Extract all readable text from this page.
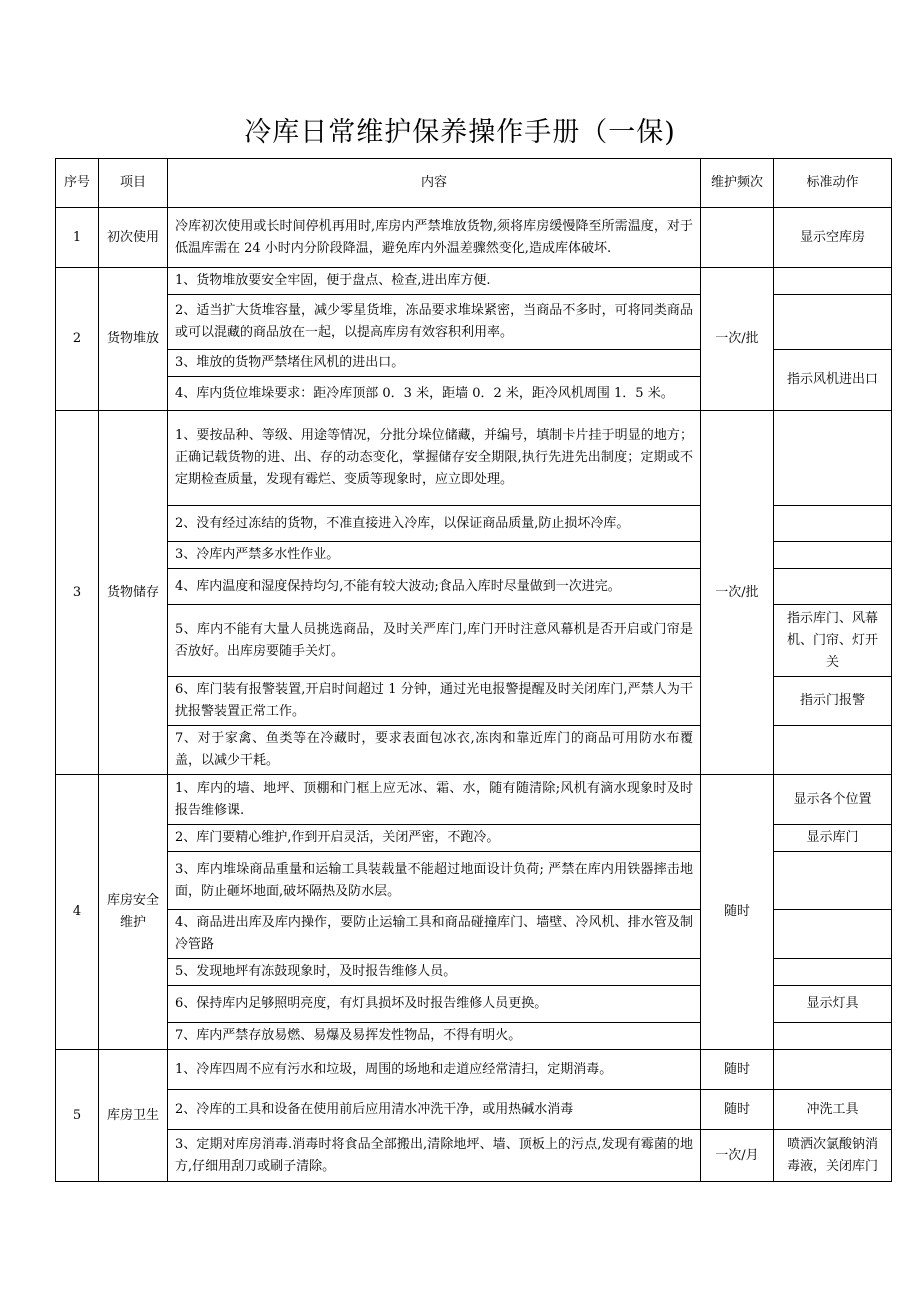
冷库日常维护保养操作手册（一保)
序号	项目	内容	维护频次	标准动作
1	初次使用	冷库初次使用或长时间停机再用时,库房内严禁堆放货物,须将库房缓慢降至所需温度，对于低温库需在 24 小时内分阶段降温，避免库内外温差骤然变化,造成库体破坏.		显示空库房
2	货物堆放	1、货物堆放要安全牢固，便于盘点、检查,进出库方便.	一次/批	
		2、适当扩大货堆容量，减少零星货堆，冻品要求堆垛紧密，当商品不多时，可将同类商品或可以混藏的商品放在一起，以提高库房有效容积利用率。		
		3、堆放的货物严禁堵住风机的进出口。		指示风机进出口
		4、库内货位堆垛要求：距冷库顶部 0．3 米，距墙 0．2 米，距冷风机周围 1．5 米。		
3	货物储存	1、要按品种、等级、用途等情况，分批分垛位储藏，并编号，填制卡片挂于明显的地方；正确记载货物的进、出、存的动态变化，掌握储存安全期限,执行先进先出制度；定期或不定期检查质量，发现有霉烂、变质等现象时，应立即处理。	一次/批	
		2、没有经过冻结的货物，不准直接进入冷库，以保证商品质量,防止损坏冷库。		
		3、冷库内严禁多水性作业。		
		4、库内温度和湿度保持均匀,不能有较大波动;食品入库时尽量做到一次进完。		
		5、库内不能有大量人员挑选商品，及时关严库门,库门开时注意风幕机是否开启或门帘是否放好。出库房要随手关灯。		指示库门、风幕机、门帘、灯开关
		6、库门装有报警装置,开启时间超过 1 分钟，通过光电报警提醒及时关闭库门,严禁人为干扰报警装置正常工作。		指示门报警
		7、对于家禽、鱼类等在冷藏时，要求表面包冰衣,冻肉和靠近库门的商品可用防水布覆盖，以减少干耗。		
4	库房安全维护	1、库内的墙、地坪、顶棚和门框上应无冰、霜、水，随有随清除;风机有滴水现象时及时报告维修课.	随时	显示各个位置
		2、库门要精心维护,作到开启灵活，关闭严密，不跑冷。		显示库门
		3、库内堆垛商品重量和运输工具装载量不能超过地面设计负荷; 严禁在库内用铁器摔击地面，防止砸坏地面,破坏隔热及防水层。		
		4、商品进出库及库内操作，要防止运输工具和商品碰撞库门、墙壁、冷风机、排水管及制冷管路		
		5、发现地坪有冻鼓现象时，及时报告维修人员。		
		6、保持库内足够照明亮度，有灯具损坏及时报告维修人员更换。		显示灯具
		7、库内严禁存放易燃、易爆及易挥发性物品，不得有明火。		
5	库房卫生	1、冷库四周不应有污水和垃圾，周围的场地和走道应经常清扫，定期消毒。	随时	
		2、冷库的工具和设备在使用前后应用清水冲洗干净，或用热碱水消毒	随时	冲洗工具
		3、定期对库房消毒.消毒时将食品全部搬出,清除地坪、墙、顶板上的污点,发现有霉菌的地方,仔细用刮刀或刷子清除。	一次/月	喷洒次氯酸钠消毒液，关闭库门
